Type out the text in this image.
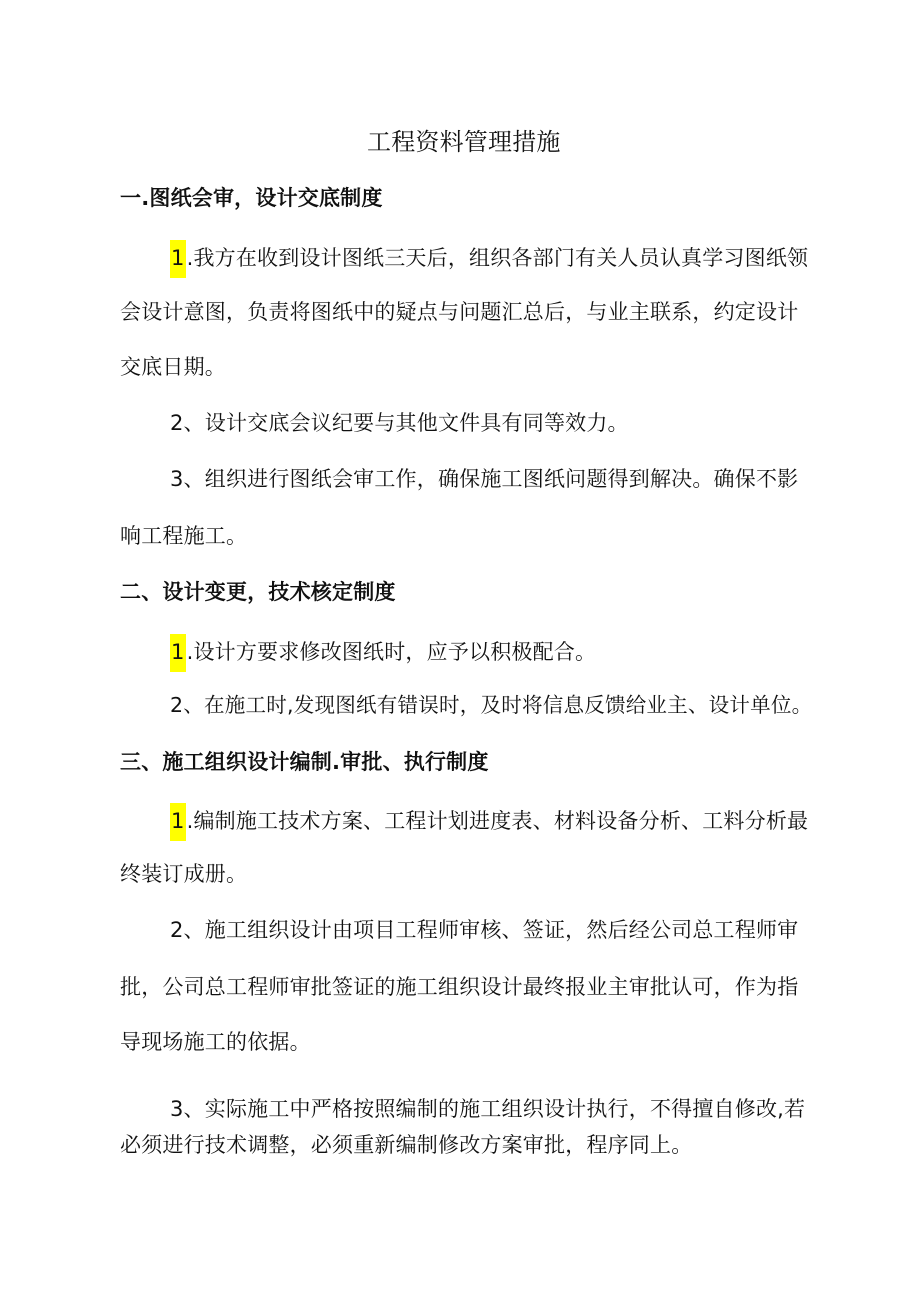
工程资料管理措施
一.图纸会审，设计交底制度
1.我方在收到设计图纸三天后，组织各部门有关人员认真学习图纸领
会设计意图，负责将图纸中的疑点与问题汇总后，与业主联系，约定设计
交底日期。
2、设计交底会议纪要与其他文件具有同等效力。
3、组织进行图纸会审工作，确保施工图纸问题得到解决。确保不影
响工程施工。
二、设计变更，技术核定制度
1.设计方要求修改图纸时，应予以积极配合。
2、在施工时,发现图纸有错误时，及时将信息反馈给业主、设计单位。
三、施工组织设计编制.审批、执行制度
1.编制施工技术方案、工程计划进度表、材料设备分析、工料分析最
终装订成册。
2、施工组织设计由项目工程师审核、签证，然后经公司总工程师审
批，公司总工程师审批签证的施工组织设计最终报业主审批认可，作为指
导现场施工的依据。
3、实际施工中严格按照编制的施工组织设计执行，不得擅自修改,若
必须进行技术调整，必须重新编制修改方案审批，程序同上。
